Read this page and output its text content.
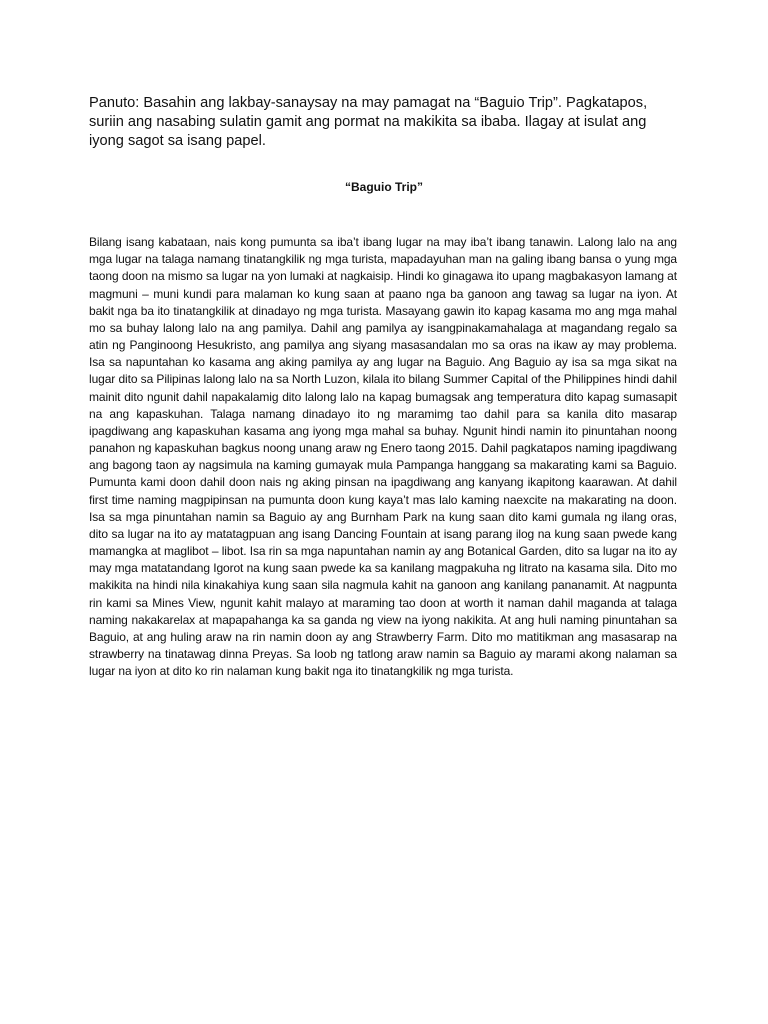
Panuto: Basahin ang lakbay-sanaysay na may pamagat na “Baguio Trip”. Pagkatapos, suriin ang nasabing sulatin gamit ang pormat na makikita sa ibaba. Ilagay at isulat ang iyong sagot sa isang papel.

“Baguio Trip”

Bilang isang kabataan, nais kong pumunta sa iba’t ibang lugar na may iba’t ibang tanawin. Lalong lalo na ang mga lugar na talaga namang tinatangkilik ng mga turista, mapadayuhan man na galing ibang bansa o yung mga taong doon na mismo sa lugar na yon lumaki at nagkaisip. Hindi ko ginagawa ito upang magbakasyon lamang at magmuni – muni kundi para malaman ko kung saan at paano nga ba ganoon ang tawag sa lugar na iyon. At bakit nga ba ito tinatangkilik at dinadayo ng mga turista. Masayang gawin ito kapag kasama mo ang mga mahal mo sa buhay lalong lalo na ang pamilya. Dahil ang pamilya ay isangpinakamahalaga at magandang regalo sa atin ng Panginoong Hesukristo, ang pamilya ang siyang masasandalan mo sa oras na ikaw ay may problema. Isa sa napuntahan ko kasama ang aking pamilya ay ang lugar na Baguio. Ang Baguio ay isa sa mga sikat na lugar dito sa Pilipinas lalong lalo na sa North Luzon, kilala ito bilang Summer Capital of the Philippines hindi dahil mainit dito ngunit dahil napakalamig dito lalong lalo na kapag bumagsak ang temperatura dito kapag sumasapit na ang kapaskuhan. Talaga namang dinadayo ito ng maramimg tao dahil para sa kanila dito masarap ipagdiwang ang kapaskuhan kasama ang iyong mga mahal sa buhay. Ngunit hindi namin ito pinuntahan noong panahon ng kapaskuhan bagkus noong unang araw ng Enero taong 2015. Dahil pagkatapos naming ipagdiwang ang bagong taon ay nagsimula na kaming gumayak mula Pampanga hanggang sa makarating kami sa Baguio. Pumunta kami doon dahil doon nais ng aking pinsan na ipagdiwang ang kanyang ikapitong kaarawan. At dahil first time naming magpipinsan na pumunta doon kung kaya’t mas lalo kaming naexcite na makarating na doon. Isa sa mga pinuntahan namin sa Baguio ay ang Burnham Park na kung saan dito kami gumala ng ilang oras, dito sa lugar na ito ay matatagpuan ang isang Dancing Fountain at isang parang ilog na kung saan pwede kang mamangka at maglibot – libot. Isa rin sa mga napuntahan namin ay ang Botanical Garden, dito sa lugar na ito ay may mga matatandang Igorot na kung saan pwede ka sa kanilang magpakuha ng litrato na kasama sila. Dito mo makikita na hindi nila kinakahiya kung saan sila nagmula kahit na ganoon ang kanilang pananamit. At nagpunta rin kami sa Mines View, ngunit kahit malayo at maraming tao doon at worth it naman dahil maganda at talaga naming nakakarelax at mapapahanga ka sa ganda ng view na iyong nakikita. At ang huli naming pinuntahan sa Baguio, at ang huling araw na rin namin doon ay ang Strawberry Farm. Dito mo matitikman ang masasarap na strawberry na tinatawag dinna Preyas. Sa loob ng tatlong araw namin sa Baguio ay marami akong nalaman sa lugar na iyon at dito ko rin nalaman kung bakit nga ito tinatangkilik ng mga turista.
